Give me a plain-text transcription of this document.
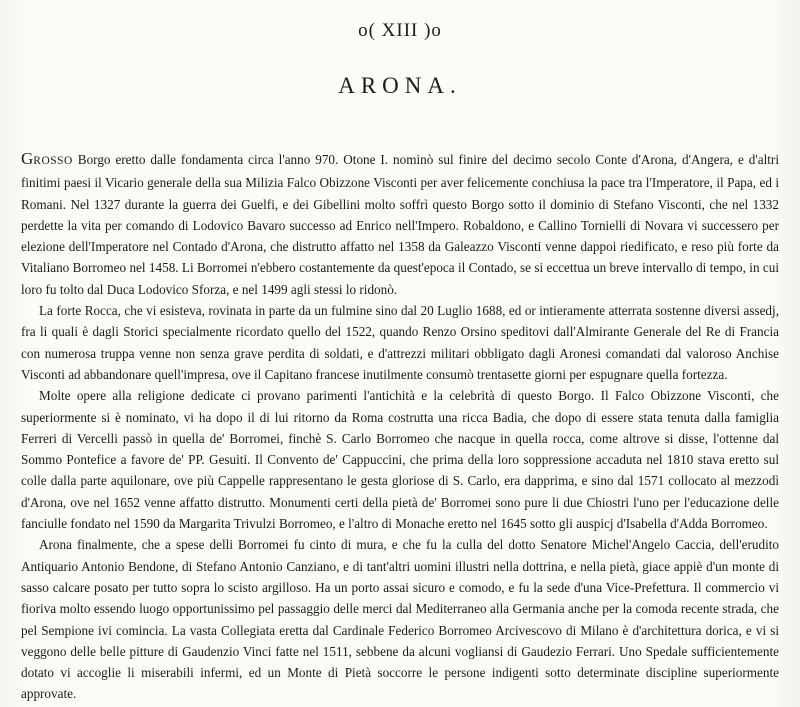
o( XIII )o
ARONA.

GROSSO Borgo eretto dalle fondamenta circa l'anno 970. Otone I. nominò sul finire del decimo secolo Conte d'Arona, d'Angera, e d'altri finitimi paesi il Vicario generale della sua Milizia Falco Obizzone Visconti per aver felicemente conchiusa la pace tra l'Imperatore, il Papa, ed i Romani. Nel 1327 durante la guerra dei Guelfi, e dei Gibellini molto soffrì questo Borgo sotto il dominio di Stefano Visconti, che nel 1332 perdette la vita per comando di Lodovico Bavaro successo ad Enrico nell'Impero. Robaldono, e Callino Tornielli di Novara vi successero per elezione dell'Imperatore nel Contado d'Arona, che distrutto affatto nel 1358 da Galeazzo Visconti venne dappoi riedificato, e reso più forte da Vitaliano Borromeo nel 1458. Li Borromei n'ebbero costantemente da quest'epoca il Contado, se si eccettua un breve intervallo di tempo, in cui loro fu tolto dal Duca Lodovico Sforza, e nel 1499 agli stessi lo ridonò.

La forte Rocca, che vi esisteva, rovinata in parte da un fulmine sino dal 20 Luglio 1688, ed or intieramente atterrata sostenne diversi assedj, fra li quali è dagli Storici specialmente ricordato quello del 1522, quando Renzo Orsino speditovi dall'Almirante Generale del Re di Francia con numerosa truppa venne non senza grave perdita di soldati, e d'attrezzi militari obbligato dagli Aronesi comandati dal valoroso Anchise Visconti ad abbandonare quell'impresa, ove il Capitano francese inutilmente consumò trentasette giorni per espugnare quella fortezza.

Molte opere alla religione dedicate ci provano parimenti l'antichità e la celebrità di questo Borgo. Il Falco Obizzone Visconti, che superiormente si è nominato, vi ha dopo il di lui ritorno da Roma costrutta una ricca Badia, che dopo di essere stata tenuta dalla famiglia Ferreri di Vercelli passò in quella de' Borromei, finchè S. Carlo Borromeo che nacque in quella rocca, come altrove si disse, l'ottenne dal Sommo Pontefice a favore de' PP. Gesuiti. Il Convento de' Cappuccini, che prima della loro soppressione accaduta nel 1810 stava eretto sul colle dalla parte aquilonare, ove più Cappelle rappresentano le gesta gloriose di S. Carlo, era dapprima, e sino dal 1571 collocato al mezzodì d'Arona, ove nel 1652 venne affatto distrutto. Monumenti certi della pietà de' Borromei sono pure li due Chiostri l'uno per l'educazione delle fanciulle fondato nel 1590 da Margarita Trivulzi Borromeo, e l'altro di Monache eretto nel 1645 sotto gli auspicj d'Isabella d'Adda Borromeo.

Arona finalmente, che a spese delli Borromei fu cinto di mura, e che fu la culla del dotto Senatore Michel'Angelo Caccia, dell'erudito Antiquario Antonio Bendone, di Stefano Antonio Canziano, e di tant'altri uomini illustri nella dottrina, e nella pietà, giace appiè d'un monte di sasso calcare posato per tutto sopra lo scisto argilloso. Ha un porto assai sicuro e comodo, e fu la sede d'una Vice-Prefettura. Il commercio vi fioriva molto essendo luogo opportunissimo pel passaggio delle merci dal Mediterraneo alla Germania anche per la comoda recente strada, che pel Sempione ivi comincia. La vasta Collegiata eretta dal Cardinale Federico Borromeo Arcivescovo di Milano è d'architettura dorica, e vi si veggono delle belle pitture di Gaudenzio Vinci fatte nel 1511, sebbene da alcuni vogliansi di Gaudezio Ferrari. Uno Spedale sufficientemente dotato vi accoglie li miserabili infermi, ed un Monte di Pietà soccorre le persone indigenti sotto determinate discipline superiormente approvate.
